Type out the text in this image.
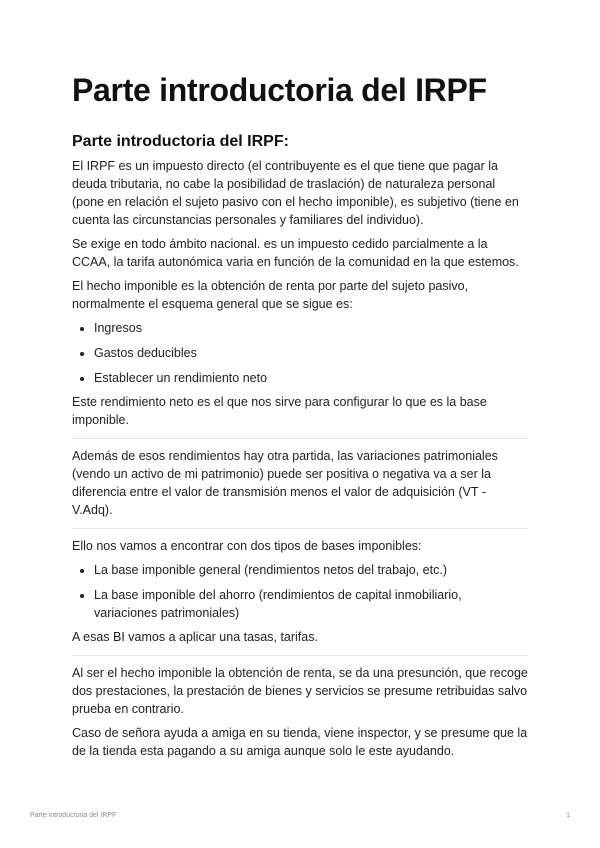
Parte introductoria del IRPF
Parte introductoria del IRPF:

El IRPF es un impuesto directo (el contribuyente es el que tiene que pagar la deuda tributaria, no cabe la posibilidad de traslación) de naturaleza personal (pone en relación el sujeto pasivo con el hecho imponible), es subjetivo (tiene en cuenta las circunstancias personales y familiares del individuo).

Se exige en todo ámbito nacional. es un impuesto cedido parcialmente a la CCAA, la tarifa autonómica varia en función de la comunidad en la que estemos.

El hecho imponible es la obtención de renta por parte del sujeto pasivo, normalmente el esquema general que se sigue es:

• Ingresos
• Gastos deducibles
• Establecer un rendimiento neto

Este rendimiento neto es el que nos sirve para configurar lo que es la base imponible.

Además de esos rendimientos hay otra partida, las variaciones patrimoniales (vendo un activo de mi patrimonio) puede ser positiva o negativa va a ser la diferencia entre el valor de transmisión menos el valor de adquisición (VT - V.Adq).

Ello nos vamos a encontrar con dos tipos de bases imponibles:

• La base imponible general (rendimientos netos del trabajo, etc.)
• La base imponible del ahorro (rendimientos de capital inmobiliario, variaciones patrimoniales)

A esas BI vamos a aplicar una tasas, tarifas.

Al ser el hecho imponible la obtención de renta, se da una presunción, que recoge dos prestaciones, la prestación de bienes y servicios se presume retribuidas salvo prueba en contrario.

Caso de señora ayuda a amiga en su tienda, viene inspector, y se presume que la de la tienda esta pagando a su amiga aunque solo le este ayudando.

Parte introductoria del IRPF	1
